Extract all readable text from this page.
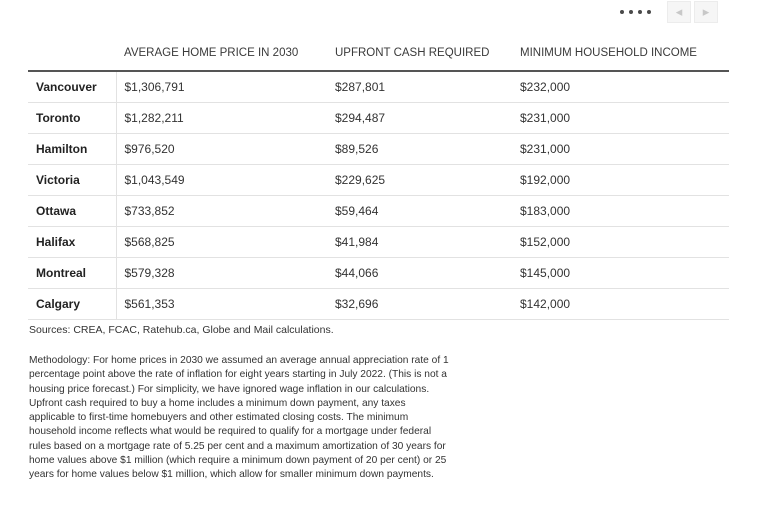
◂ ▸
	AVERAGE HOME PRICE IN 2030	UPFRONT CASH REQUIRED	MINIMUM HOUSEHOLD INCOME
Vancouver	$1,306,791	$287,801	$232,000
Toronto	$1,282,211	$294,487	$231,000
Hamilton	$976,520	$89,526	$231,000
Victoria	$1,043,549	$229,625	$192,000
Ottawa	$733,852	$59,464	$183,000
Halifax	$568,825	$41,984	$152,000
Montreal	$579,328	$44,066	$145,000
Calgary	$561,353	$32,696	$142,000

Sources: CREA, FCAC, Ratehub.ca, Globe and Mail calculations.

Methodology: For home prices in 2030 we assumed an average annual appreciation rate of 1 percentage point above the rate of inflation for eight years starting in July 2022. (This is not a housing price forecast.) For simplicity, we have ignored wage inflation in our calculations. Upfront cash required to buy a home includes a minimum down payment, any taxes applicable to first-time homebuyers and other estimated closing costs. The minimum household income reflects what would be required to qualify for a mortgage under federal rules based on a mortgage rate of 5.25 per cent and a maximum amortization of 30 years for home values above $1 million (which require a minimum down payment of 20 per cent) or 25 years for home values below $1 million, which allow for smaller minimum down payments.
